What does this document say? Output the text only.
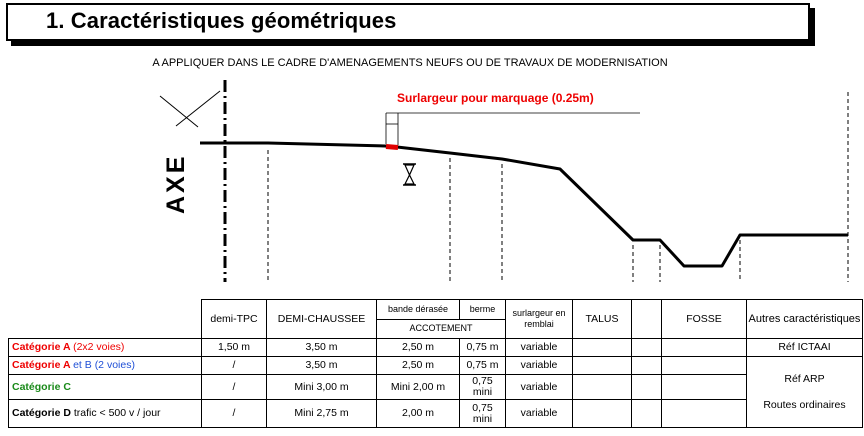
1. Caractéristiques géométriques
A APPLIQUER DANS LE CADRE D'AMENAGEMENTS NEUFS OU DE TRAVAUX DE MODERNISATION
AXE
Surlargeur pour marquage (0.25m)
	demi-TPC	DEMI-CHAUSSEE	bande dérasée	berme	surlargeur en remblai	TALUS		FOSSE	Autres caractéristiques
			ACCOTEMENT						
Catégorie A (2x2 voies)	1,50 m	3,50 m	2,50 m	0,75 m	variable				Réf ICTAAI
Catégorie A et B (2 voies)	/	3,50 m	2,50 m	0,75 m	variable				Réf ARP
Routes ordinaires

Catégorie C	/	Mini 3,00 m	Mini 2,00 m	0,75 mini	variable				
Catégorie D trafic < 500 v / jour	/	Mini 2,75 m	2,00 m	0,75 mini	variable				
